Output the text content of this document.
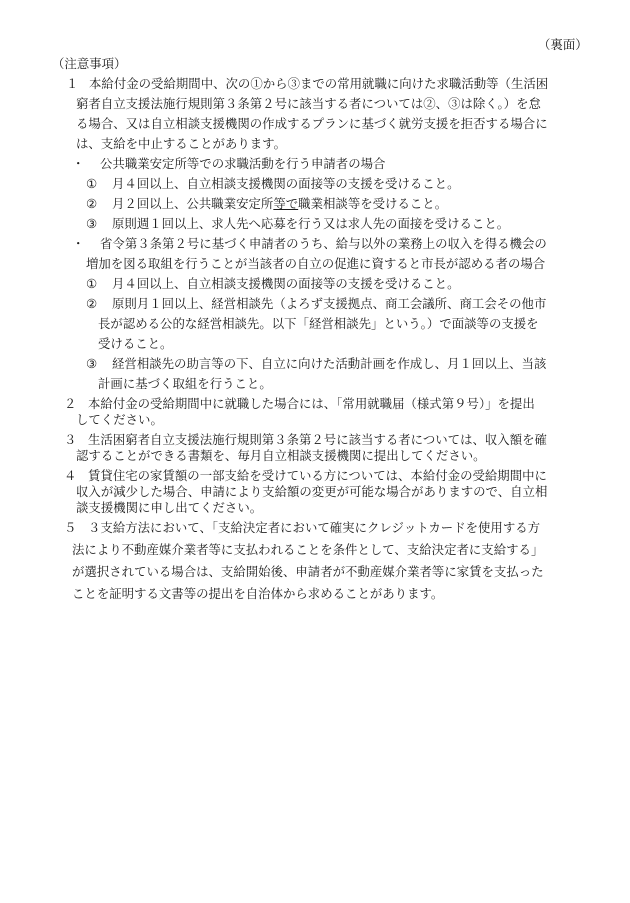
（裏面）
（注意事項）
１ 本給付金の受給期間中、次の①から③までの常用就職に向けた求職活動等（生活困
窮者自立支援法施行規則第３条第２号に該当する者については②、③は除く。）を怠
る場合、又は自立相談支援機関の作成するプランに基づく就労支援を拒否する場合に
は、支給を中止することがあります。
・ 公共職業安定所等での求職活動を行う申請者の場合
① 月４回以上、自立相談支援機関の面接等の支援を受けること。
② 月２回以上、公共職業安定所等で職業相談等を受けること。
③ 原則週１回以上、求人先へ応募を行う又は求人先の面接を受けること。
・ 省令第３条第２号に基づく申請者のうち、給与以外の業務上の収入を得る機会の
増加を図る取組を行うことが当該者の自立の促進に資すると市長が認める者の場合
① 月４回以上、自立相談支援機関の面接等の支援を受けること。
② 原則月１回以上、経営相談先（よろず支援拠点、商工会議所、商工会その他市
長が認める公的な経営相談先。以下「経営相談先」という。）で面談等の支援を
受けること。
③ 経営相談先の助言等の下、自立に向けた活動計画を作成し、月１回以上、当該
計画に基づく取組を行うこと。
２ 本給付金の受給期間中に就職した場合には、「常用就職届（様式第９号）」を提出
してください。
３ 生活困窮者自立支援法施行規則第３条第２号に該当する者については、収入額を確
認することができる書類を、毎月自立相談支援機関に提出してください。
４ 賃貸住宅の家賃額の一部支給を受けている方については、本給付金の受給期間中に
収入が減少した場合、申請により支給額の変更が可能な場合がありますので、自立相
談支援機関に申し出てください。
５ ３支給方法において、「支給決定者において確実にクレジットカードを使用する方
法により不動産媒介業者等に支払われることを条件として、支給決定者に支給する」
が選択されている場合は、支給開始後、申請者が不動産媒介業者等に家賃を支払った
ことを証明する文書等の提出を自治体から求めることがあります。
